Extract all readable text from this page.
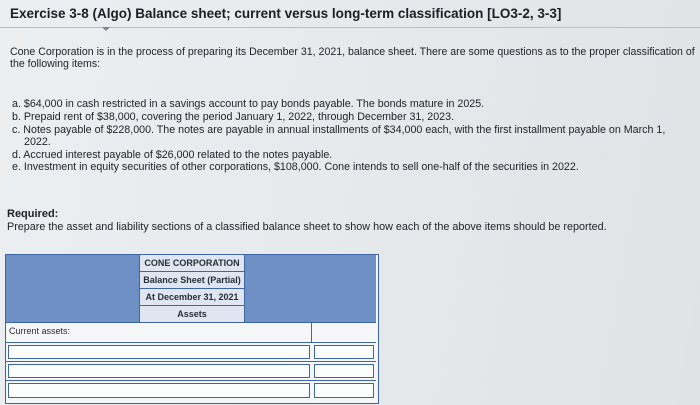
Exercise 3-8 (Algo) Balance sheet; current versus long-term classification [LO3-2, 3-3]
Cone Corporation is in the process of preparing its December 31, 2021, balance sheet. There are some questions as to the proper classification of the following items:
a. $64,000 in cash restricted in a savings account to pay bonds payable. The bonds mature in 2025.
b. Prepaid rent of $38,000, covering the period January 1, 2022, through December 31, 2023.
c. Notes payable of $228,000. The notes are payable in annual installments of $34,000 each, with the first installment payable on March 1, 2022.
d. Accrued interest payable of $26,000 related to the notes payable.
e. Investment in equity securities of other corporations, $108,000. Cone intends to sell one-half of the securities in 2022.
Required:
Prepare the asset and liability sections of a classified balance sheet to show how each of the above items should be reported.
CONE CORPORATION
Balance Sheet (Partial)
At December 31, 2021
Assets
Current assets:
